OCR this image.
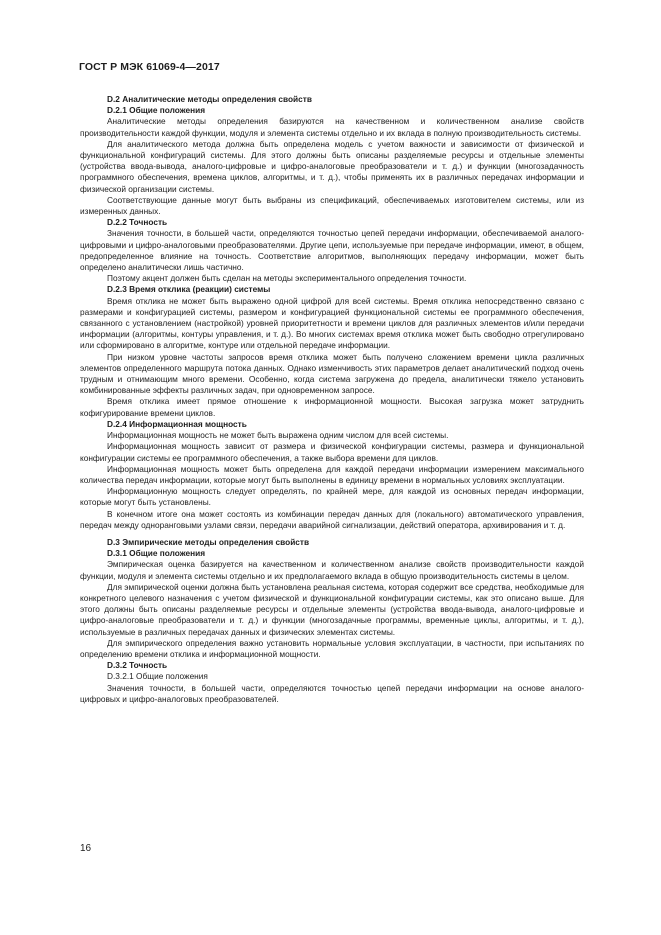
ГОСТ Р МЭК 61069-4—2017
D.2 Аналитические методы определения свойств
D.2.1 Общие положения

Аналитические методы определения базируются на качественном и количественном анализе свойств производительности каждой функции, модуля и элемента системы отдельно и их вклада в полную производительность системы.

Для аналитического метода должна быть определена модель с учетом важности и зависимости от физической и функциональной конфигураций системы. Для этого должны быть описаны разделяемые ресурсы и отдельные элементы (устройства ввода-вывода, аналого-цифровые и цифро-аналоговые преобразователи и т. д.) и функции (многозадачность программного обеспечения, времена циклов, алгоритмы, и т. д.), чтобы применять их в различных передачах информации и физической организации системы.

Соответствующие данные могут быть выбраны из спецификаций, обеспечиваемых изготовителем системы, или из измеренных данных.

D.2.2 Точность

Значения точности, в большей части, определяются точностью цепей передачи информации, обеспечиваемой аналого-цифровыми и цифро-аналоговыми преобразователями. Другие цепи, используемые при передаче информации, имеют, в общем, предопределенное влияние на точность. Соответствие алгоритмов, выполняющих передачу информации, может быть определено аналитически лишь частично.

Поэтому акцент должен быть сделан на методы экспериментального определения точности.

D.2.3 Время отклика (реакции) системы

Время отклика не может быть выражено одной цифрой для всей системы. Время отклика непосредственно связано с размерами и конфигурацией системы, размером и конфигурацией функциональной системы ее программного обеспечения, связанного с установлением (настройкой) уровней приоритетности и времени циклов для различных элементов и/или передачи информации (алгоритмы, контуры управления, и т. д.). Во многих системах время отклика может быть свободно отрегулировано или сформировано в алгоритме, контуре или отдельной передаче информации.

При низком уровне частоты запросов время отклика может быть получено сложением времени цикла различных элементов определенного маршрута потока данных. Однако изменчивость этих параметров делает аналитический подход очень трудным и отнимающим много времени. Особенно, когда система загружена до предела, аналитически тяжело установить комбинированные эффекты различных задач, при одновременном запросе.

Время отклика имеет прямое отношение к информационной мощности. Высокая загрузка может затруднить кофигурирование времени циклов.

D.2.4 Информационная мощность

Информационная мощность не может быть выражена одним числом для всей системы.

Информационная мощность зависит от размера и физической конфигурации системы, размера и функциональной конфигурации системы ее программного обеспечения, а также выбора времени для циклов.

Информационная мощность может быть определена для каждой передачи информации измерением максимального количества передач информации, которые могут быть выполнены в единицу времени в нормальных условиях эксплуатации.

Информационную мощность следует определять, по крайней мере, для каждой из основных передач информации, которые могут быть установлены.

В конечном итоге она может состоять из комбинации передач данных для (локального) автоматического управления, передач между одноранговыми узлами связи, передачи аварийной сигнализации, действий оператора, архивирования и т. д.

D.3 Эмпирические методы определения свойств
D.3.1 Общие положения

Эмпирическая оценка базируется на качественном и количественном анализе свойств производительности каждой функции, модуля и элемента системы отдельно и их предполагаемого вклада в общую производительность системы в целом.

Для эмпирической оценки должна быть установлена реальная система, которая содержит все средства, необходимые для конкретного целевого назначения с учетом физической и функциональной конфигурации системы, как это описано выше. Для этого должны быть описаны разделяемые ресурсы и отдельные элементы (устройства ввода-вывода, аналого-цифровые и цифро-аналоговые преобразователи и т. д.) и функции (многозадачные программы, временные циклы, алгоритмы, и т. д.), используемые в различных передачах данных и физических элементах системы.

Для эмпирического определения важно установить нормальные условия эксплуатации, в частности, при испытаниях по определению времени отклика и информационной мощности.

D.3.2 Точность
D.3.2.1 Общие положения

Значения точности, в большей части, определяются точностью цепей передачи информации на основе аналого-цифровых и цифро-аналоговых преобразователей.

16
